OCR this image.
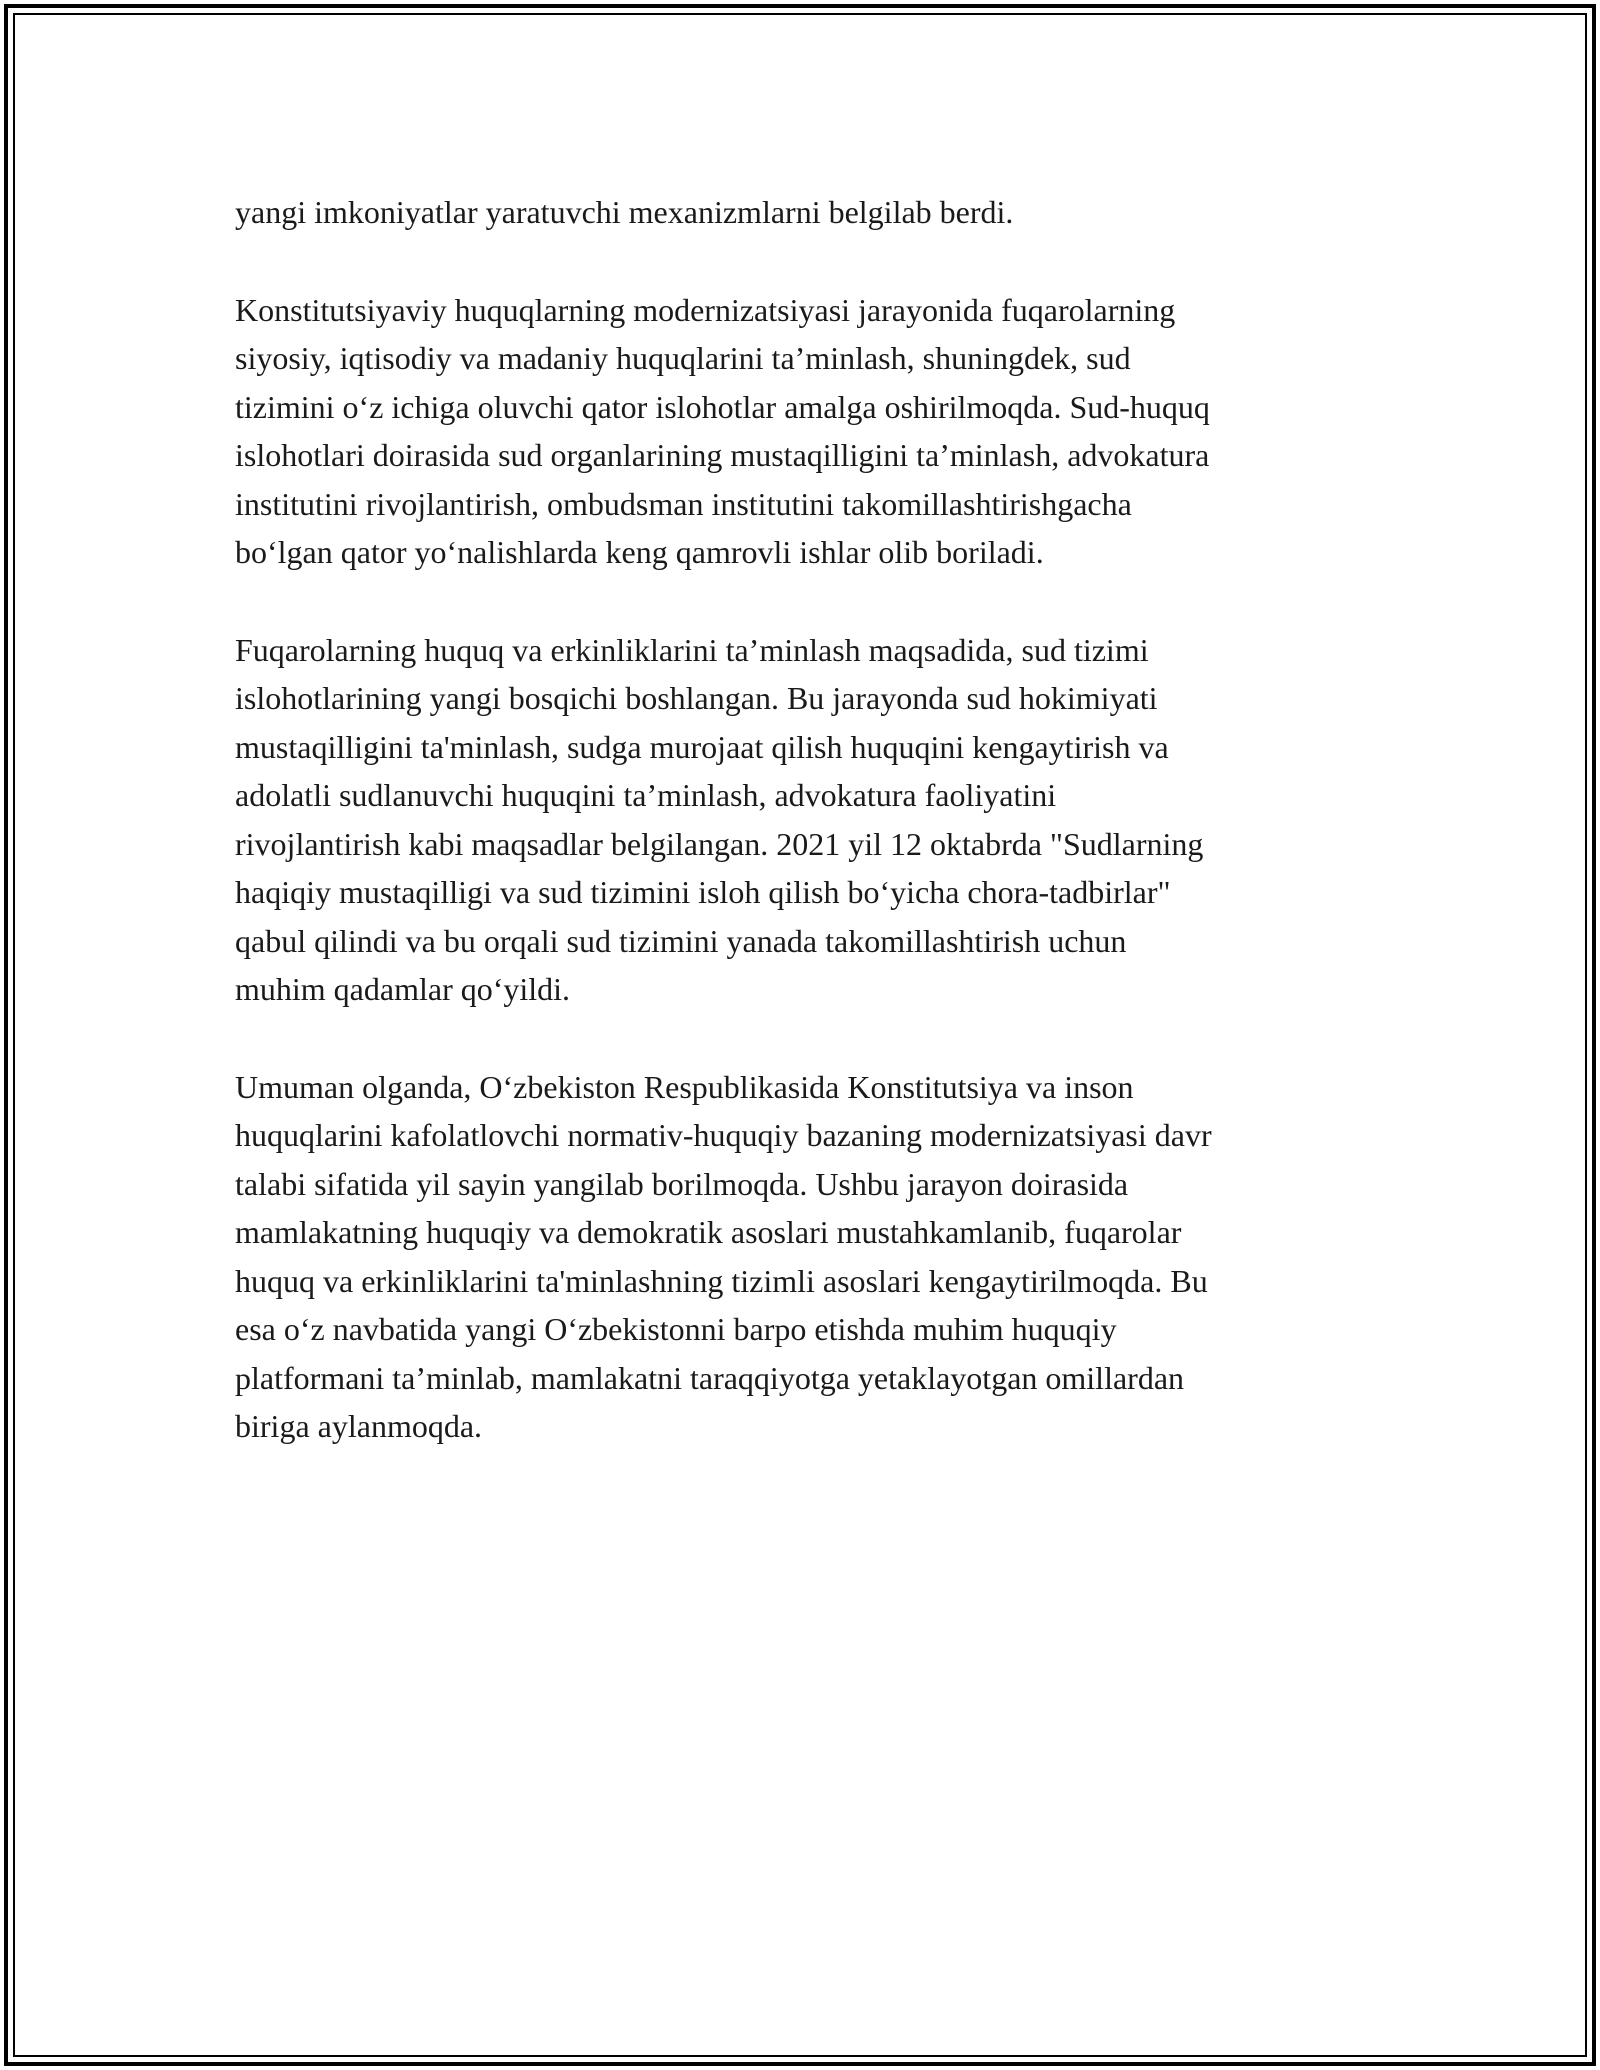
yangi imkoniyatlar yaratuvchi mexanizmlarni belgilab berdi.

Konstitutsiyaviy huquqlarning modernizatsiyasi jarayonida fuqarolarning
siyosiy, iqtisodiy va madaniy huquqlarini ta’minlash, shuningdek, sud
tizimini o‘z ichiga oluvchi qator islohotlar amalga oshirilmoqda. Sud-huquq
islohotlari doirasida sud organlarining mustaqilligini ta’minlash, advokatura
institutini rivojlantirish, ombudsman institutini takomillashtirishgacha
bo‘lgan qator yo‘nalishlarda keng qamrovli ishlar olib boriladi.

Fuqarolarning huquq va erkinliklarini ta’minlash maqsadida, sud tizimi
islohotlarining yangi bosqichi boshlangan. Bu jarayonda sud hokimiyati
mustaqilligini ta'minlash, sudga murojaat qilish huquqini kengaytirish va
adolatli sudlanuvchi huquqini ta’minlash, advokatura faoliyatini
rivojlantirish kabi maqsadlar belgilangan. 2021 yil 12 oktabrda "Sudlarning
haqiqiy mustaqilligi va sud tizimini isloh qilish bo‘yicha chora-tadbirlar"
qabul qilindi va bu orqali sud tizimini yanada takomillashtirish uchun
muhim qadamlar qo‘yildi.

Umuman olganda, O‘zbekiston Respublikasida Konstitutsiya va inson
huquqlarini kafolatlovchi normativ-huquqiy bazaning modernizatsiyasi davr
talabi sifatida yil sayin yangilab borilmoqda. Ushbu jarayon doirasida
mamlakatning huquqiy va demokratik asoslari mustahkamlanib, fuqarolar
huquq va erkinliklarini ta'minlashning tizimli asoslari kengaytirilmoqda. Bu
esa o‘z navbatida yangi O‘zbekistonni barpo etishda muhim huquqiy
platformani ta’minlab, mamlakatni taraqqiyotga yetaklayotgan omillardan
biriga aylanmoqda.
